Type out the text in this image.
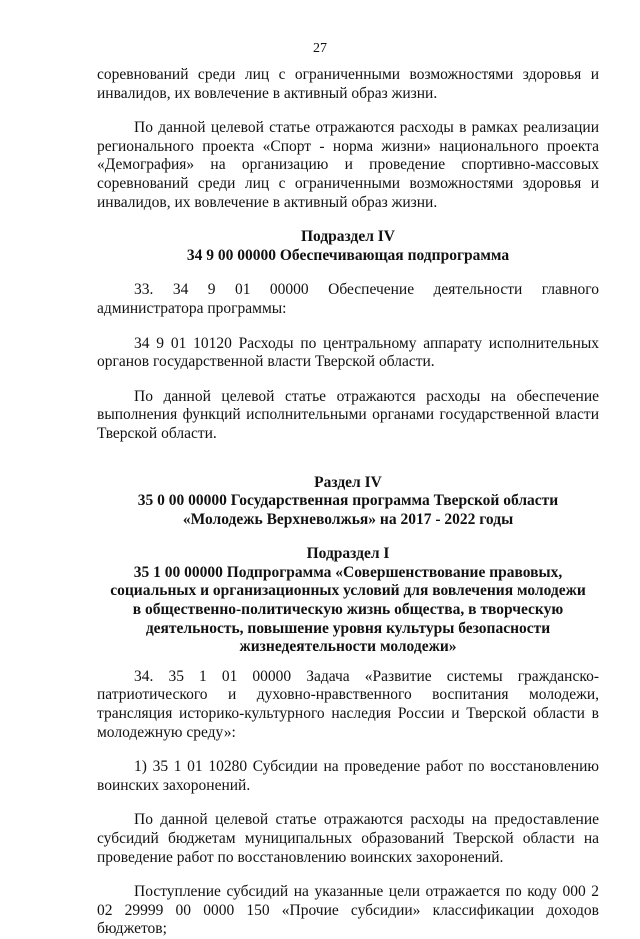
27

соревнований среди лиц с ограниченными возможностями здоровья и инвалидов, их вовлечение в активный образ жизни.

По данной целевой статье отражаются расходы в рамках реализации регионального проекта «Спорт - норма жизни» национального проекта «Демография» на организацию и проведение спортивно-массовых соревнований среди лиц с ограниченными возможностями здоровья и инвалидов, их вовлечение в активный образ жизни.

Подраздел IV
34 9 00 00000 Обеспечивающая подпрограмма

33. 34 9 01 00000 Обеспечение деятельности главного администратора программы:

34 9 01 10120 Расходы по центральному аппарату исполнительных органов государственной власти Тверской области.

По данной целевой статье отражаются расходы на обеспечение выполнения функций исполнительными органами государственной власти Тверской области.

Раздел IV
35 0 00 00000 Государственная программа Тверской области
«Молодежь Верхневолжья» на 2017 - 2022 годы
Подраздел I
35 1 00 00000 Подпрограмма «Совершенствование правовых,
социальных и организационных условий для вовлечения молодежи
в общественно-политическую жизнь общества, в творческую
деятельность, повышение уровня культуры безопасности
жизнедеятельности молодежи»

34. 35 1 01 00000 Задача «Развитие системы гражданско-патриотического и духовно-нравственного воспитания молодежи, трансляция историко-культурного наследия России и Тверской области в молодежную среду»:

1) 35 1 01 10280 Субсидии на проведение работ по восстановлению воинских захоронений.

По данной целевой статье отражаются расходы на предоставление субсидий бюджетам муниципальных образований Тверской области на проведение работ по восстановлению воинских захоронений.

Поступление субсидий на указанные цели отражается по коду 000 2 02 29999 00 0000 150 «Прочие субсидии» классификации доходов бюджетов;
